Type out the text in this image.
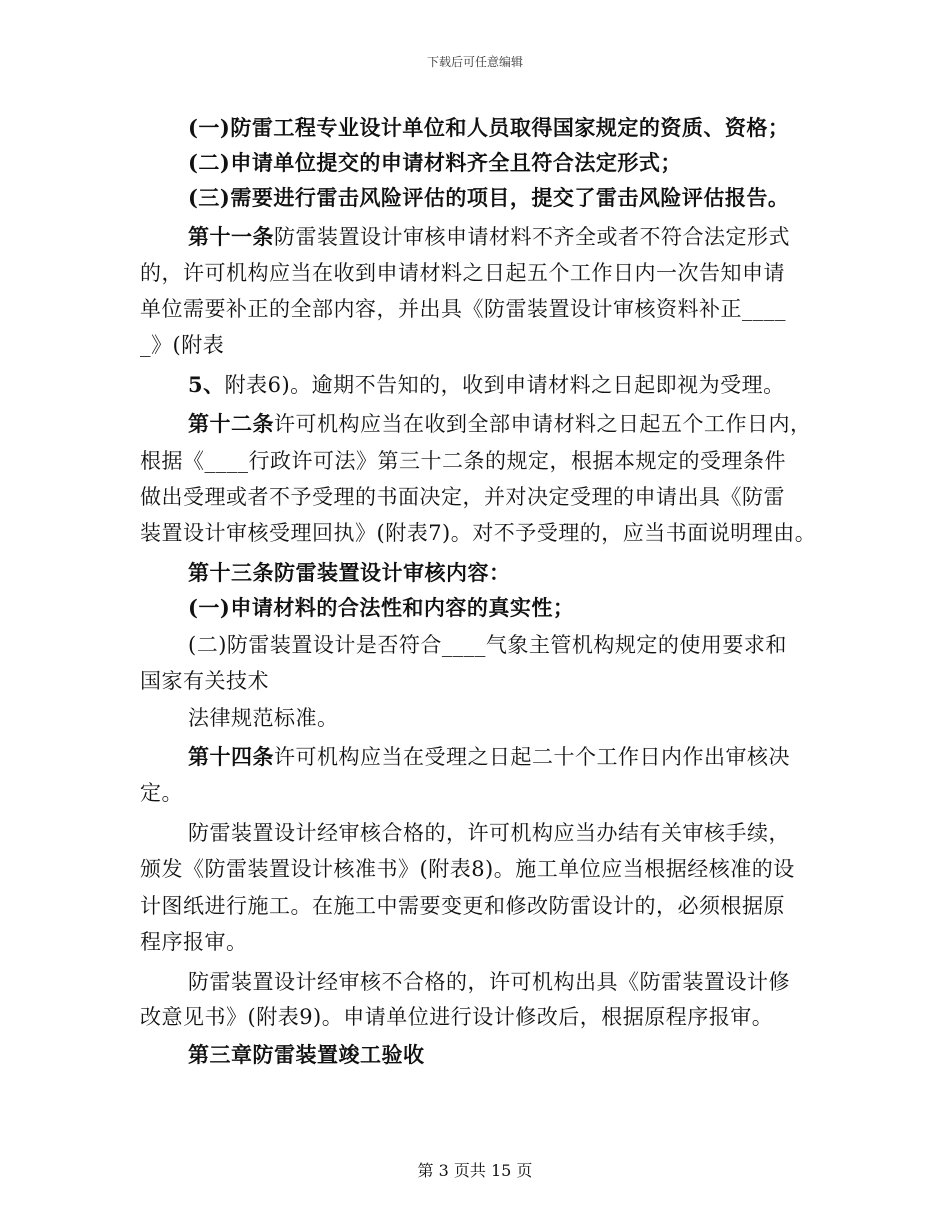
下载后可任意编辑
(一)防雷工程专业设计单位和人员取得国家规定的资质、资格；
(二)申请单位提交的申请材料齐全且符合法定形式；
(三)需要进行雷击风险评估的项目，提交了雷击风险评估报告。
第十一条防雷装置设计审核申请材料不齐全或者不符合法定形式
的，许可机构应当在收到申请材料之日起五个工作日内一次告知申请
单位需要补正的全部内容，并出具《防雷装置设计审核资料补正____
_》(附表
5、附表6)。逾期不告知的，收到申请材料之日起即视为受理。
第十二条许可机构应当在收到全部申请材料之日起五个工作日内，
根据《____行政许可法》第三十二条的规定，根据本规定的受理条件
做出受理或者不予受理的书面决定，并对决定受理的申请出具《防雷
装置设计审核受理回执》(附表7)。对不予受理的，应当书面说明理由。
第十三条防雷装置设计审核内容：
(一)申请材料的合法性和内容的真实性；
(二)防雷装置设计是否符合____气象主管机构规定的使用要求和
国家有关技术
法律规范标准。
第十四条许可机构应当在受理之日起二十个工作日内作出审核决
定。
防雷装置设计经审核合格的，许可机构应当办结有关审核手续，
颁发《防雷装置设计核准书》(附表8)。施工单位应当根据经核准的设
计图纸进行施工。在施工中需要变更和修改防雷设计的，必须根据原
程序报审。
防雷装置设计经审核不合格的，许可机构出具《防雷装置设计修
改意见书》(附表9)。申请单位进行设计修改后，根据原程序报审。
第三章防雷装置竣工验收
第 3 页共 15 页
